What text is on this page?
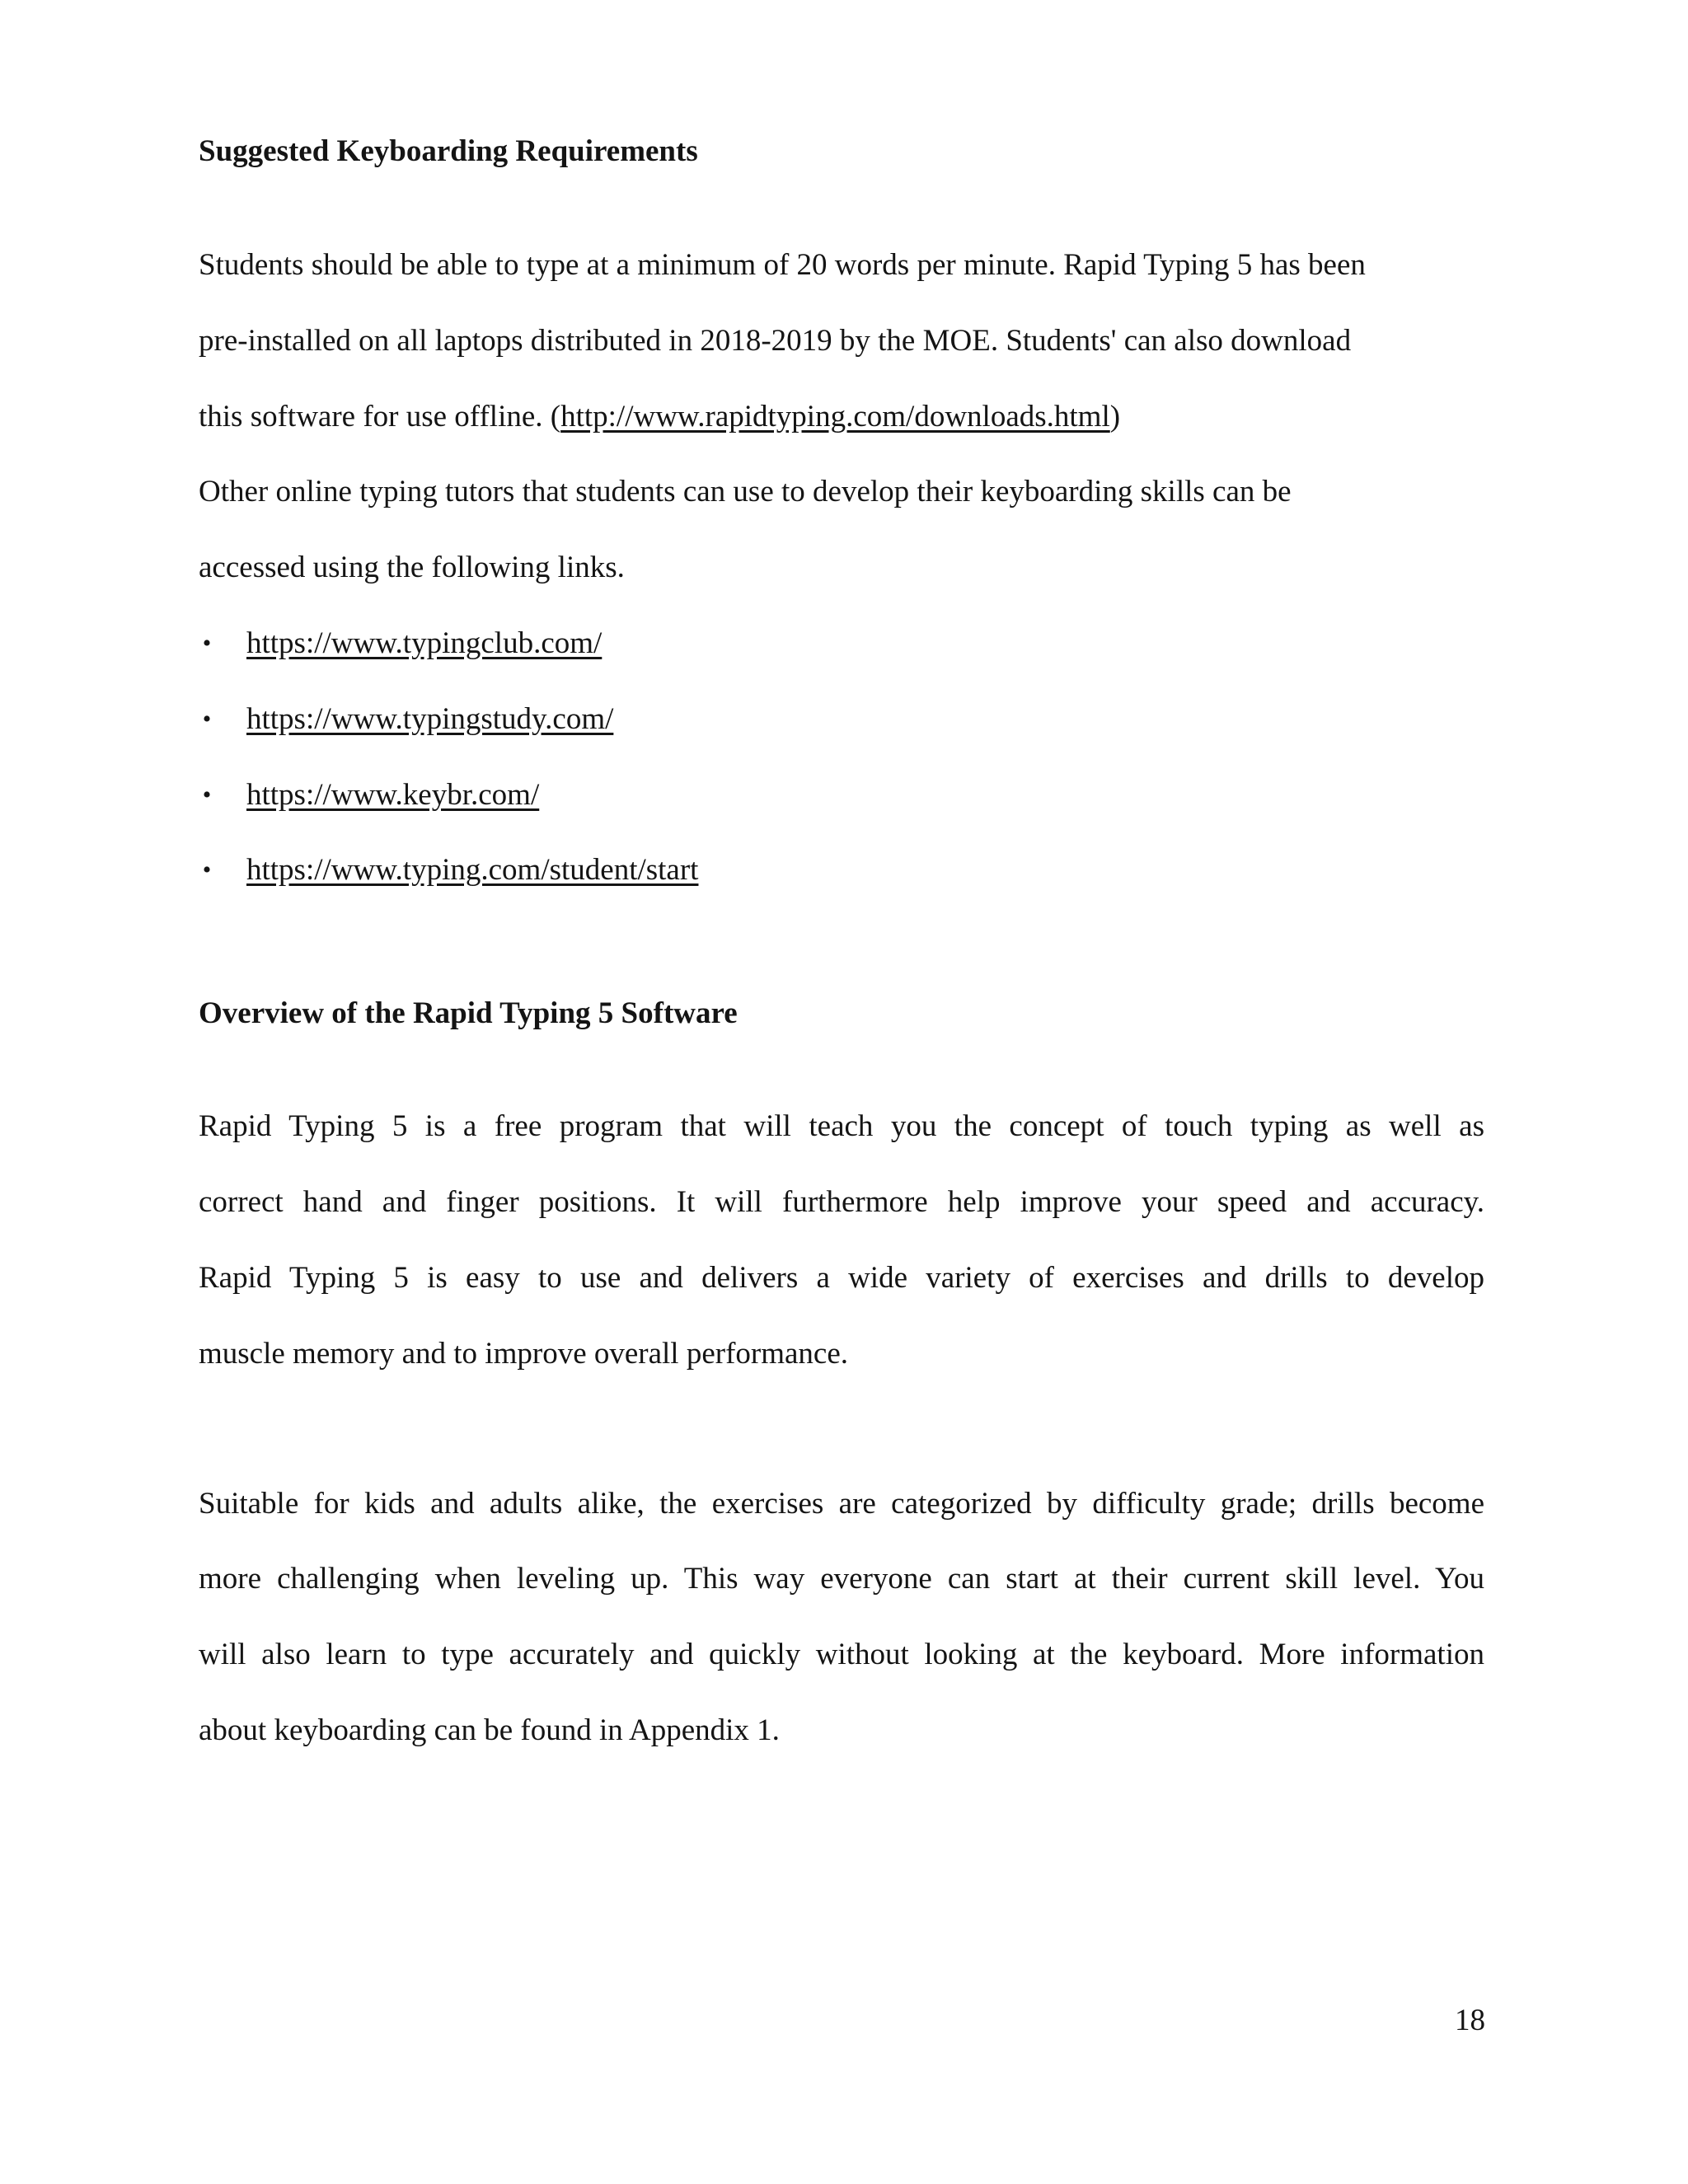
Suggested Keyboarding Requirements
Students should be able to type at a minimum of 20 words per minute. Rapid Typing 5 has been
pre-installed on all laptops distributed in 2018-2019 by the MOE. Students' can also download
this software for use offline. (http://www.rapidtyping.com/downloads.html)
Other online typing tutors that students can use to develop their keyboarding skills can be
accessed using the following links.
• https://www.typingclub.com/
• https://www.typingstudy.com/
• https://www.keybr.com/
• https://www.typing.com/student/start
Overview of the Rapid Typing 5 Software
Rapid Typing 5 is a free program that will teach you the concept of touch typing as well as
correct hand and finger positions. It will furthermore help improve your speed and accuracy.
Rapid Typing 5 is easy to use and delivers a wide variety of exercises and drills to develop
muscle memory and to improve overall performance.
Suitable for kids and adults alike, the exercises are categorized by difficulty grade; drills become
more challenging when leveling up. This way everyone can start at their current skill level. You
will also learn to type accurately and quickly without looking at the keyboard. More information
about keyboarding can be found in Appendix 1.
18
